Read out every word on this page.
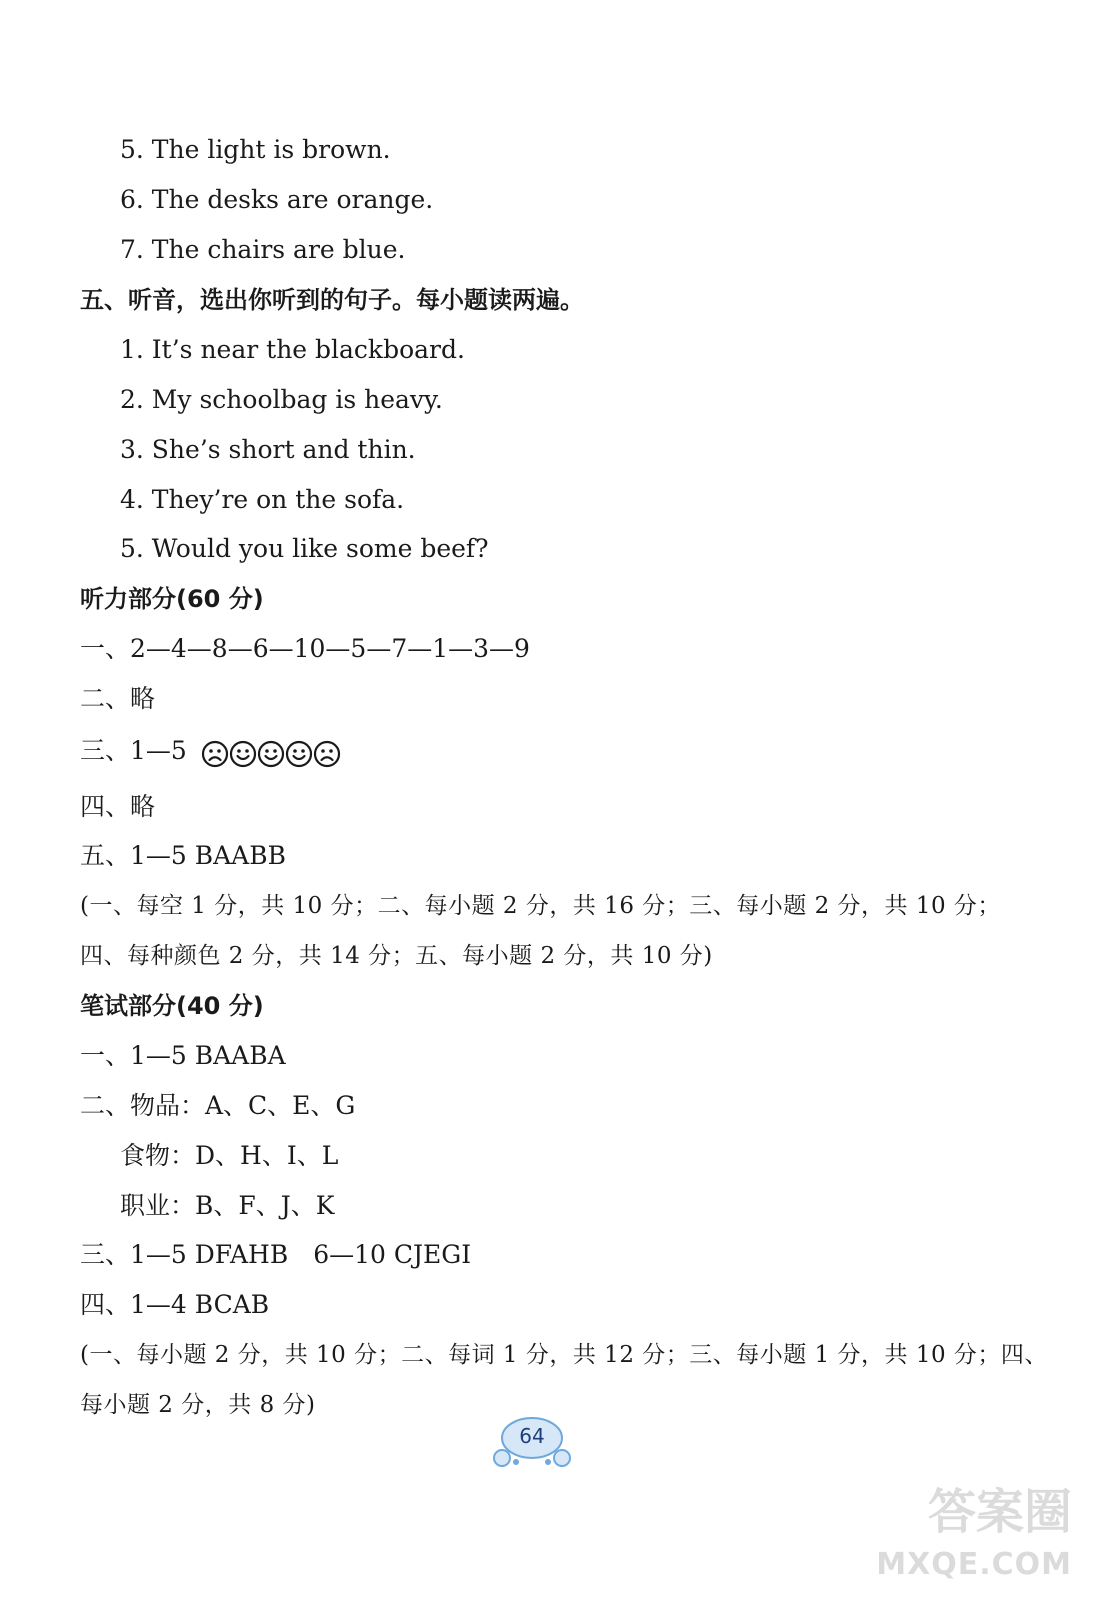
5. The light is brown.
6. The desks are orange.
7. The chairs are blue.
五、听音，选出你听到的句子。每小题读两遍。
1. It’s near the blackboard.
2. My schoolbag is heavy.
3. She’s short and thin.
4. They’re on the sofa.
5. Would you like some beef?
听力部分(60 分)
一、2—4—8—6—10—5—7—1—3—9
二、略
三、1—5
四、略
五、1—5 BAABB
(一、每空 1 分，共 10 分；二、每小题 2 分，共 16 分；三、每小题 2 分，共 10 分；
四、每种颜色 2 分，共 14 分；五、每小题 2 分，共 10 分)
笔试部分(40 分)
一、1—5 BAABA
二、物品：A、C、E、G
食物：D、H、I、L
职业：B、F、J、K
三、1—5 DFAHB　6—10 CJEGI
四、1—4 BCAB
(一、每小题 2 分，共 10 分；二、每词 1 分，共 12 分；三、每小题 1 分，共 10 分；四、
每小题 2 分，共 8 分)
64
答案圈
MXQE.COM
